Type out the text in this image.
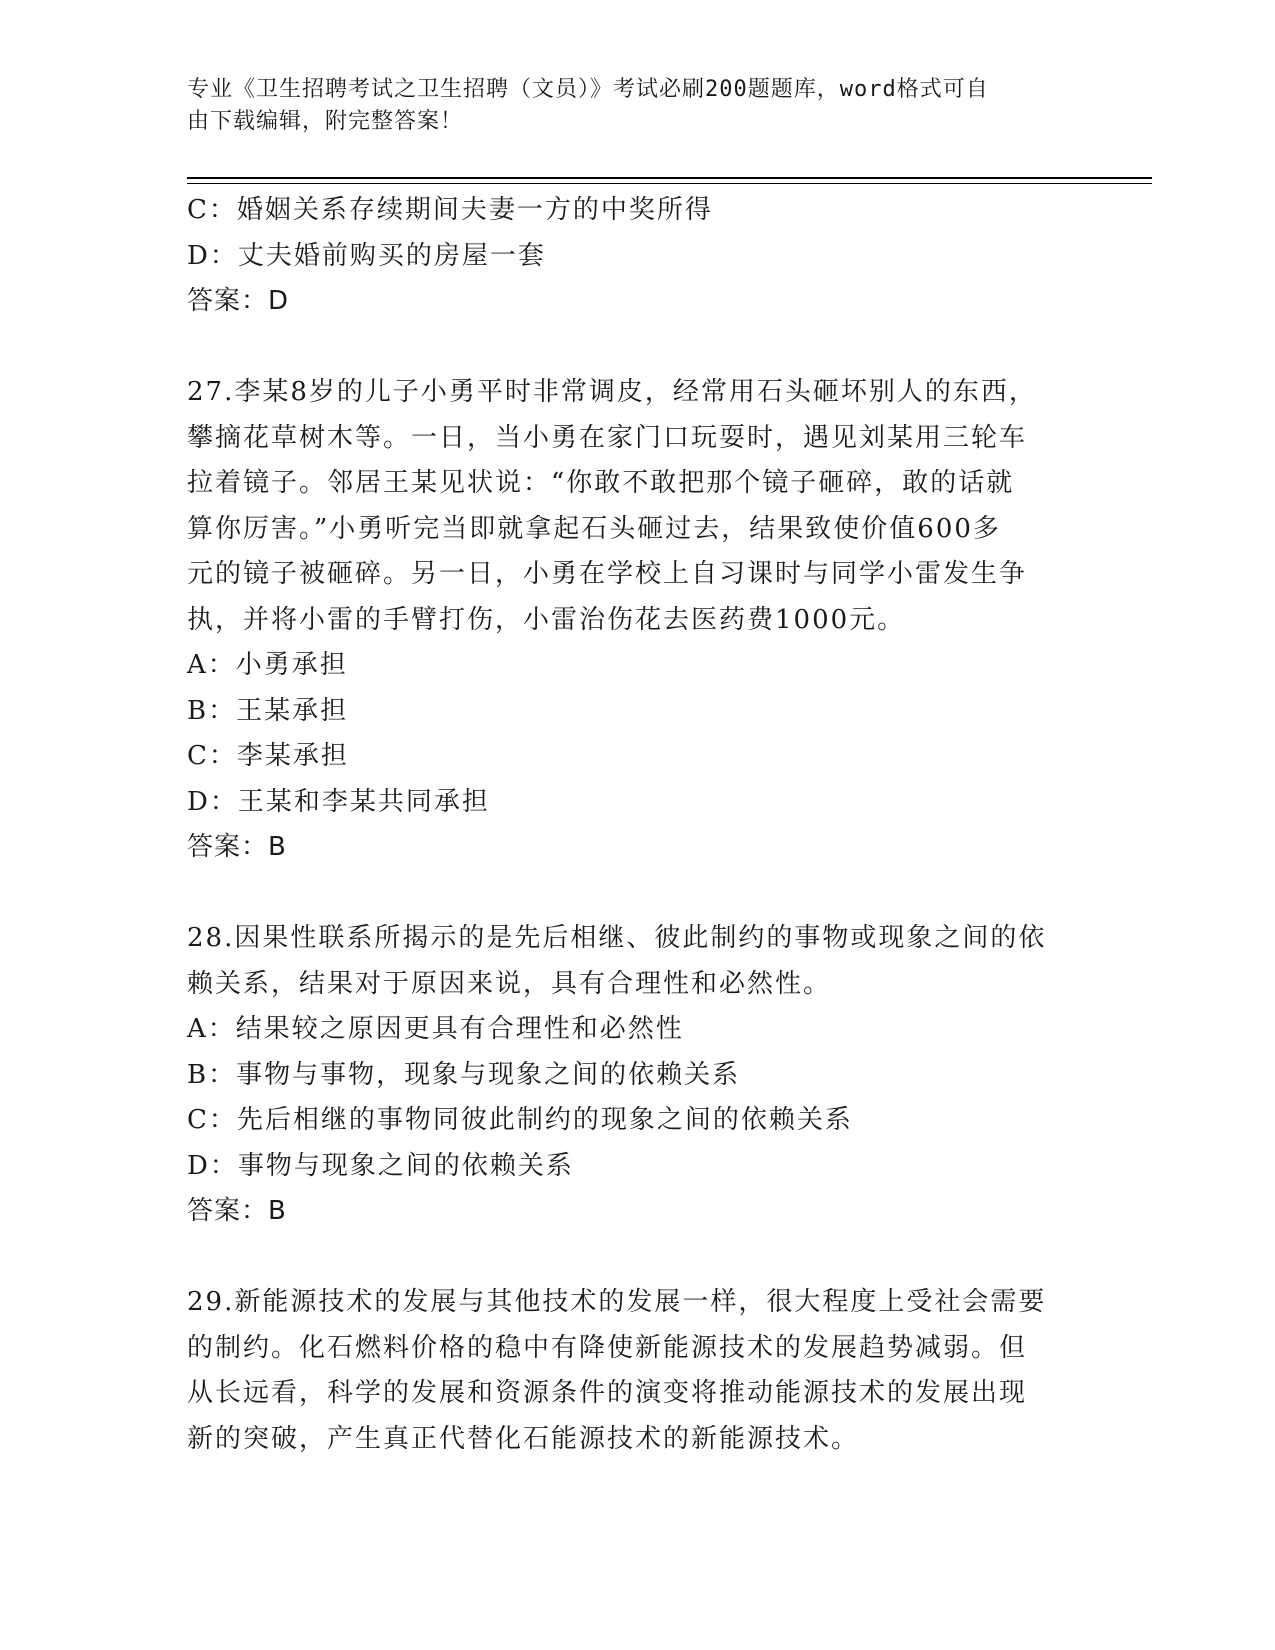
专业《卫生招聘考试之卫生招聘（文员）》考试必刷200题题库，word格式可自
由下载编辑，附完整答案！
C：婚姻关系存续期间夫妻一方的中奖所得
D：丈夫婚前购买的房屋一套
答案：D
27.李某8岁的儿子小勇平时非常调皮，经常用石头砸坏别人的东西，
攀摘花草树木等。一日，当小勇在家门口玩耍时，遇见刘某用三轮车
拉着镜子。邻居王某见状说：“你敢不敢把那个镜子砸碎，敢的话就
算你厉害。”小勇听完当即就拿起石头砸过去，结果致使价值600多
元的镜子被砸碎。另一日，小勇在学校上自习课时与同学小雷发生争
执，并将小雷的手臂打伤，小雷治伤花去医药费1000元。
A：小勇承担
B：王某承担
C：李某承担
D：王某和李某共同承担
答案：B
28.因果性联系所揭示的是先后相继、彼此制约的事物或现象之间的依
赖关系，结果对于原因来说，具有合理性和必然性。
A：结果较之原因更具有合理性和必然性
B：事物与事物，现象与现象之间的依赖关系
C：先后相继的事物同彼此制约的现象之间的依赖关系
D：事物与现象之间的依赖关系
答案：B
29.新能源技术的发展与其他技术的发展一样，很大程度上受社会需要
的制约。化石燃料价格的稳中有降使新能源技术的发展趋势减弱。但
从长远看，科学的发展和资源条件的演变将推动能源技术的发展出现
新的突破，产生真正代替化石能源技术的新能源技术。
